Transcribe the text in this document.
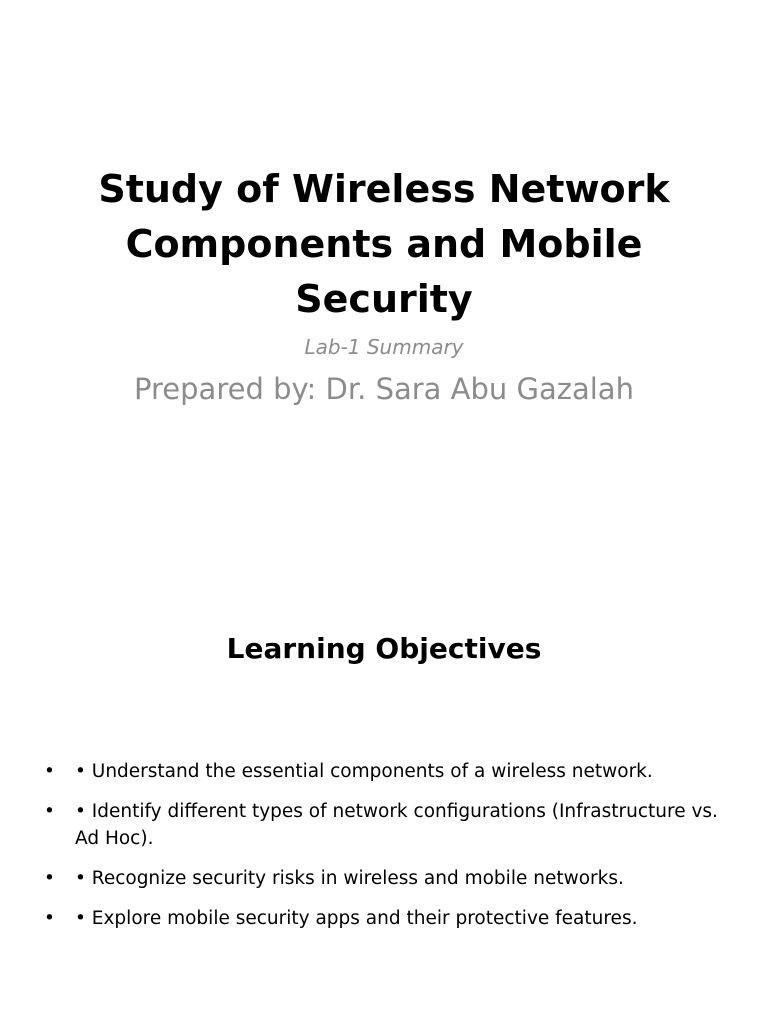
Study of Wireless Network Components and Mobile Security
Lab-1 Summary
Prepared by: Dr. Sara Abu Gazalah
Learning Objectives
• • Understand the essential components of a wireless network.
• • Identify different types of network configurations (Infrastructure vs. Ad Hoc).
• • Recognize security risks in wireless and mobile networks.
• • Explore mobile security apps and their protective features.
